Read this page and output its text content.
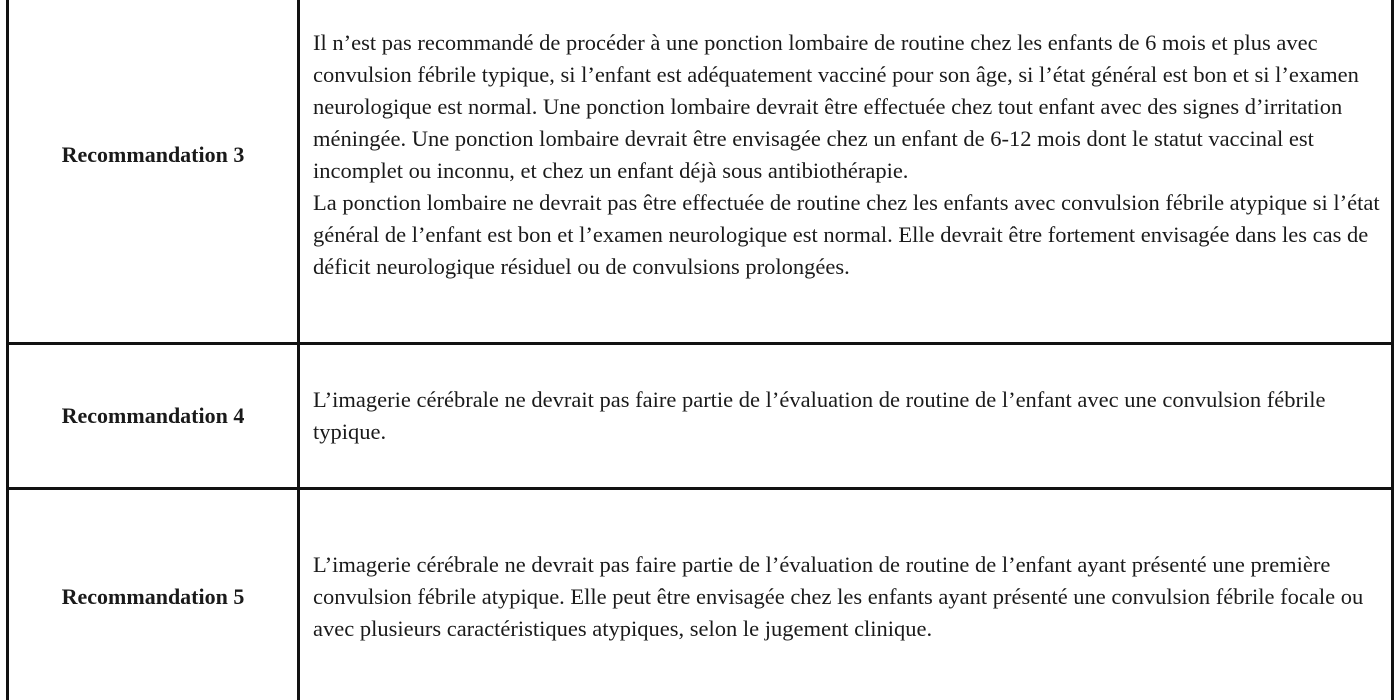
Recommandation 3	Il n’est pas recommandé de procéder à une ponction lombaire de routine chez les enfants de 6 mois et plus avec convulsion fébrile typique, si l’enfant est adéquatement vacciné pour son âge, si l’état général est bon et si l’examen neurologique est normal. Une ponction lombaire devrait être effectuée chez tout enfant avec des signes d’irritation méningée. Une ponction lombaire devrait être envisagée chez un enfant de 6-12 mois dont le statut vaccinal est incomplet ou inconnu, et chez un enfant déjà sous antibiothérapie.
La ponction lombaire ne devrait pas être effectuée de routine chez les enfants avec convulsion fébrile atypique si l’état général de l’enfant est bon et l’examen neurologique est normal. Elle devrait être fortement envisagée dans les cas de déficit neurologique résiduel ou de convulsions prolongées.

Recommandation 4	L’imagerie cérébrale ne devrait pas faire partie de l’évaluation de routine de l’enfant avec une convulsion fébrile typique.

Recommandation 5	L’imagerie cérébrale ne devrait pas faire partie de l’évaluation de routine de l’enfant ayant présenté une première convulsion fébrile atypique. Elle peut être envisagée chez les enfants ayant présenté une convulsion fébrile focale ou avec plusieurs caractéristiques atypiques, selon le jugement clinique.
